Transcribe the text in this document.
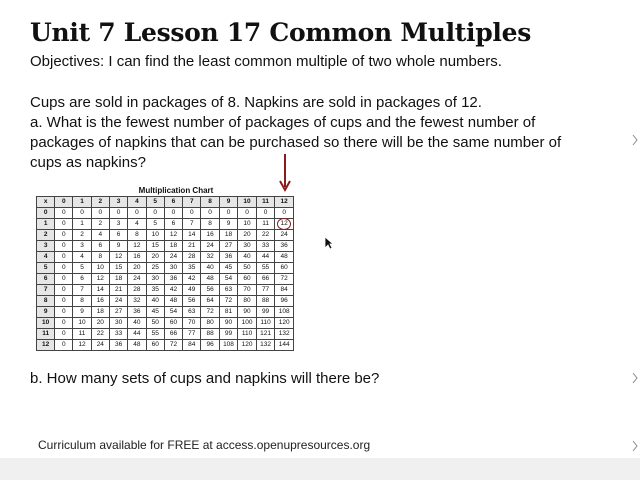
Unit 7 Lesson 17 Common Multiples
Objectives: I can find the least common multiple of two whole numbers.
Cups are sold in packages of 8. Napkins are sold in packages of 12.
a. What is the fewest number of packages of cups and the fewest number of
packages of napkins that can be purchased so there will be the same number of
cups as napkins?
Multiplication Chart
x	0	1	2	3	4	5	6	7	8	9	10	11	12
0	0	0	0	0	0	0	0	0	0	0	0	0	0
1	0	1	2	3	4	5	6	7	8	9	10	11	12
2	0	2	4	6	8	10	12	14	16	18	20	22	24
3	0	3	6	9	12	15	18	21	24	27	30	33	36
4	0	4	8	12	16	20	24	28	32	36	40	44	48
5	0	5	10	15	20	25	30	35	40	45	50	55	60
6	0	6	12	18	24	30	36	42	48	54	60	66	72
7	0	7	14	21	28	35	42	49	56	63	70	77	84
8	0	8	16	24	32	40	48	56	64	72	80	88	96
9	0	9	18	27	36	45	54	63	72	81	90	99	108
10	0	10	20	30	40	50	60	70	80	90	100	110	120
11	0	11	22	33	44	55	66	77	88	99	110	121	132
12	0	12	24	36	48	60	72	84	96	108	120	132	144
b. How many sets of cups and napkins will there be?
Curriculum available for FREE at access.openupresources.org
